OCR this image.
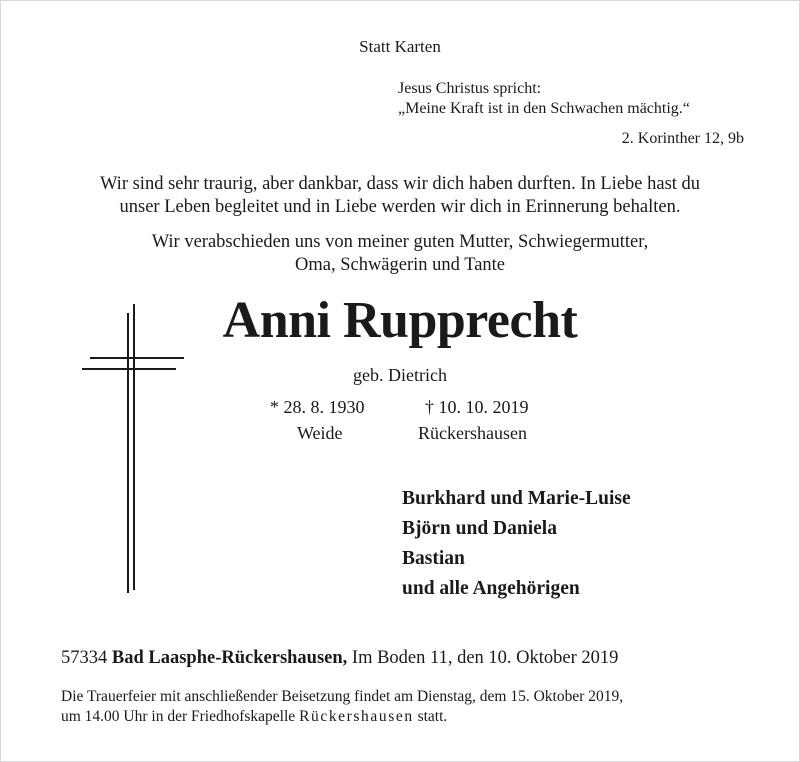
Statt Karten
Jesus Christus spricht:
„Meine Kraft ist in den Schwachen mächtig.“
2. Korinther 12, 9b
Wir sind sehr traurig, aber dankbar, dass wir dich haben durften. In Liebe hast du
unser Leben begleitet und in Liebe werden wir dich in Erinnerung behalten.
Wir verabschieden uns von meiner guten Mutter, Schwiegermutter,
Oma, Schwägerin und Tante
Anni Rupprecht
geb. Dietrich
* 28. 8. 1930	† 10. 10. 2019
Weide	Rückershausen
Burkhard und Marie-Luise
Björn und Daniela
Bastian
und alle Angehörigen
57334 Bad Laasphe-Rückershausen, Im Boden 11, den 10. Oktober 2019
Die Trauerfeier mit anschließender Beisetzung findet am Dienstag, dem 15. Oktober 2019,
um 14.00 Uhr in der Friedhofskapelle Rückershausen statt.
